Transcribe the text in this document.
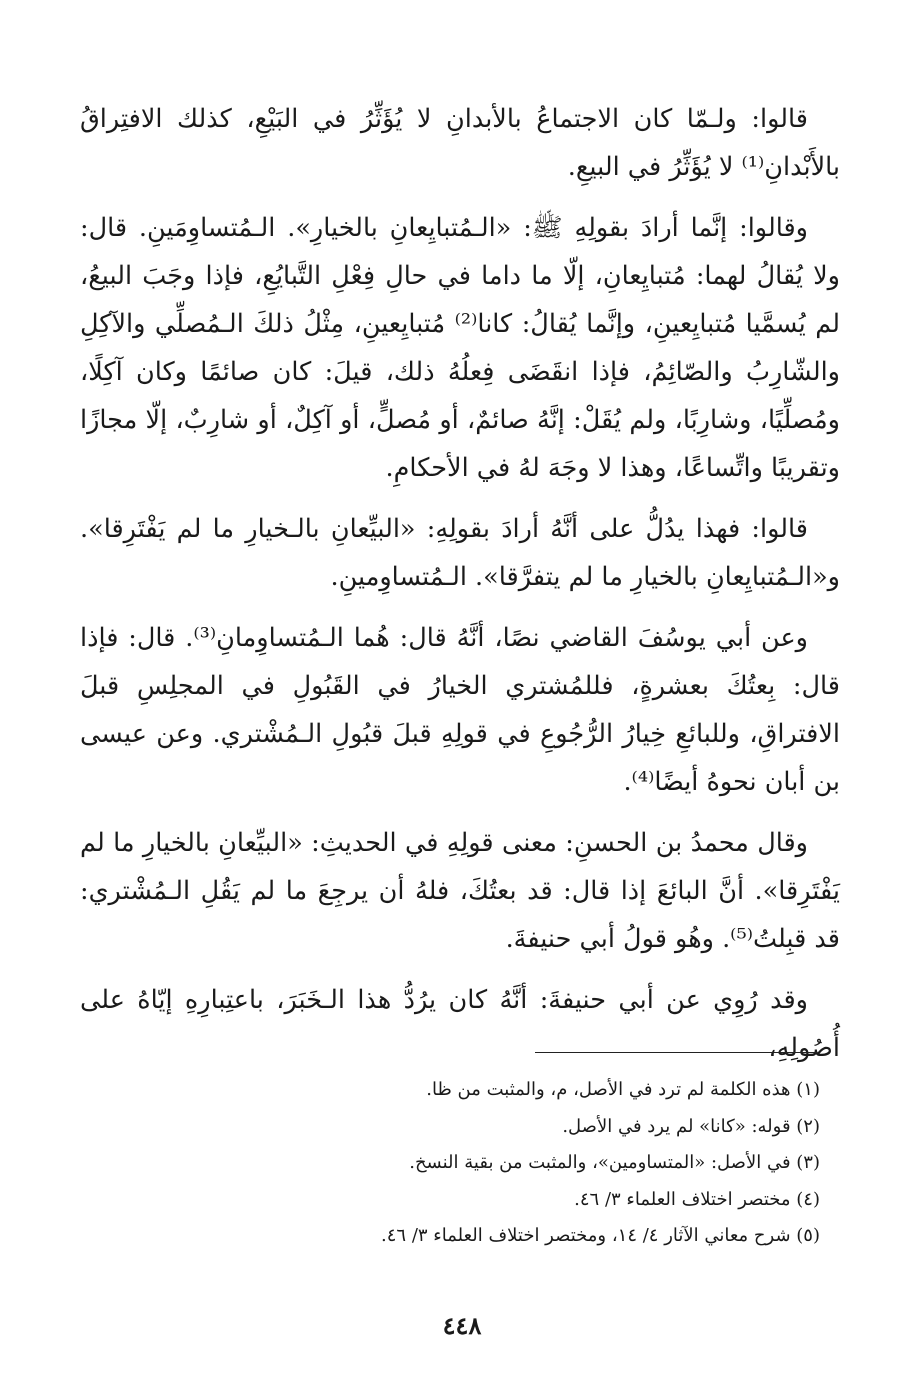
قالوا: ولـمّا كان الاجتماعُ بالأبدانِ لا يُؤَثِّرُ في البَيْعِ، كذلك الافتِراقُ بالأَبْدانِ⁽¹⁾ لا يُؤَثِّرُ في البيعِ.

وقالوا: إنَّما أرادَ بقولِهِ ﷺ: «الـمُتبايِعانِ بالخيارِ». الـمُتساوِمَينِ. قال: ولا يُقالُ لهما: مُتبايِعانِ، إلّا ما داما في حالِ فِعْلِ التَّبايُعِ، فإذا وجَبَ البيعُ، لم يُسمَّيا مُتبايِعينِ، وإنَّما يُقالُ: كانا⁽²⁾ مُتبايِعينِ، مِثْلُ ذلكَ الـمُصلِّي والآكِلِ والشّارِبُ والصّائِمُ، فإذا انقَضَى فِعلُهُ ذلك، قيلَ: كان صائمًا وكان آكِلًا، ومُصلِّيًا، وشارِبًا، ولم يُقَلْ: إنَّهُ صائمٌ، أو مُصلٍّ، أو آكِلٌ، أو شارِبٌ، إلّا مجازًا وتقريبًا واتِّساعًا، وهذا لا وجَهَ لهُ في الأحكامِ.

قالوا: فهذا يدُلُّ على أنَّهُ أرادَ بقولِهِ: «البيِّعانِ بالـخيارِ ما لم يَفْتَرِقا». و«الـمُتبايِعانِ بالخيارِ ما لم يتفرَّقا». الـمُتساوِمينِ.

وعن أبي يوسُفَ القاضي نصًا، أنَّهُ قال: هُما الـمُتساوِمانِ⁽³⁾. قال: فإذا قال: بِعتُكَ بعشرةٍ، فللمُشتري الخيارُ في القَبُولِ في المجلِسِ قبلَ الافتراقِ، وللبائعِ خِيارُ الرُّجُوعِ في قولِهِ قبلَ قبُولِ الـمُشْتري. وعن عيسى بن أبان نحوهُ أيضًا⁽⁴⁾.

وقال محمدُ بن الحسنِ: معنى قولِهِ في الحديثِ: «البيِّعانِ بالخيارِ ما لم يَفْتَرِقا». أنَّ البائعَ إذا قال: قد بعتُكَ، فلهُ أن يرجِعَ ما لم يَقُلِ الـمُشْتري: قد قبِلتُ⁽⁵⁾. وهُو قولُ أبي حنيفةَ.

وقد رُوِي عن أبي حنيفةَ: أنَّهُ كان يرُدُّ هذا الـخَبَرَ، باعتِبارِهِ إيّاهُ على أُصُولِهِ،

(١) هذه الكلمة لم ترد في الأصل، م، والمثبت من ظا.

(٢) قوله: «كانا» لم يرد في الأصل.

(٣) في الأصل: «المتساومين»، والمثبت من بقية النسخ.

(٤) مختصر اختلاف العلماء ٣/ ٤٦.

(٥) شرح معاني الآثار ٤/ ١٤، ومختصر اختلاف العلماء ٣/ ٤٦.

٤٤٨
